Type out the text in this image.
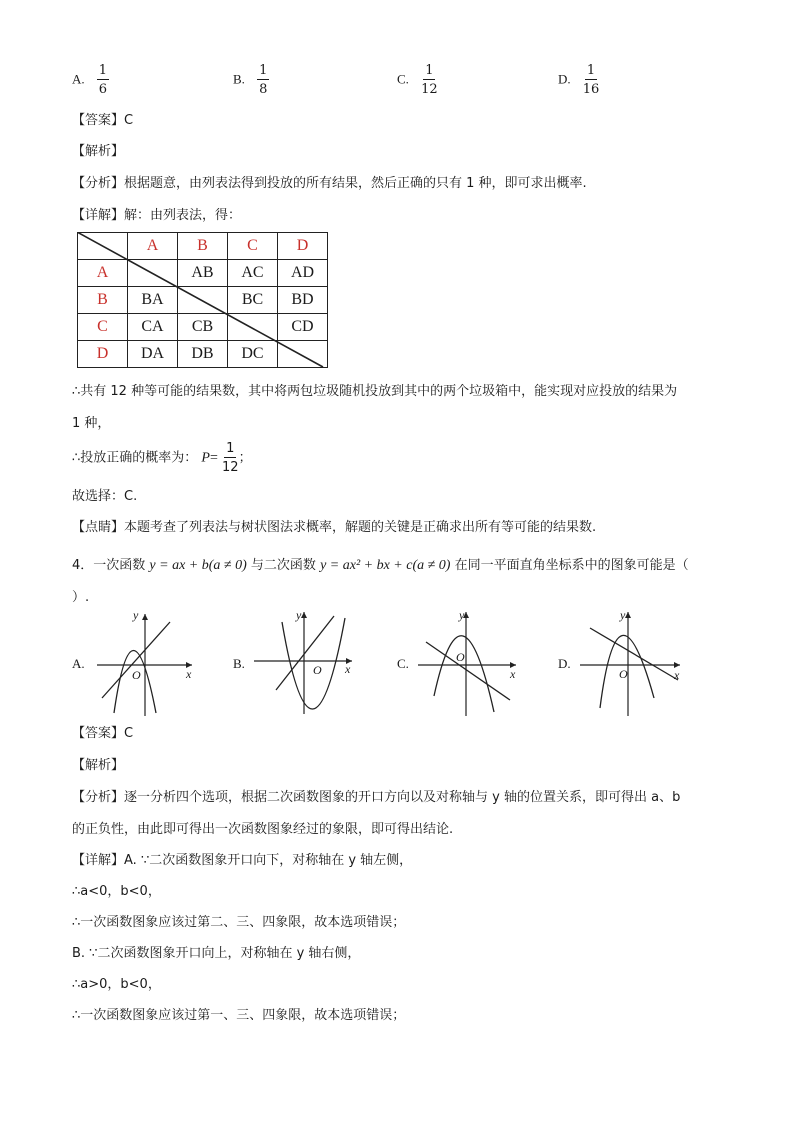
A. $\frac{1}{6}$	B. $\frac{1}{8}$	C. $\frac{1}{12}$	D. $\frac{1}{16}$
【答案】C
【解析】
【分析】根据题意，由列表法得到投放的所有结果，然后正确的只有 1 种，即可求出概率.
【详解】解：由列表法，得：
	A	B	C	D
A		AB	AC	AD
B	BA		BC	BD
C	CA	CB		CD
D	DA	DB	DC	
∴共有 12 种等可能的结果数，其中将两包垃圾随机投放到其中的两个垃圾箱中，能实现对应投放的结果为
1 种，
∴投放正确的概率为： $P= \frac{1}{12}$ ；
故选择：C.
【点睛】本题考查了列表法与树状图法求概率，解题的关键是正确求出所有等可能的结果数.
4．一次函数 y = ax + b(a ≠ 0) 与二次函数 y = ax² + bx + c(a ≠ 0) 在同一平面直角坐标系中的图象可能是（
）.
A.
y
x
O
B.
y
x
O	C.
y
x
O	D.
y
x
O
【答案】C
【解析】
【分析】逐一分析四个选项，根据二次函数图象的开口方向以及对称轴与 y 轴的位置关系，即可得出 a、b
的正负性，由此即可得出一次函数图象经过的象限，即可得出结论.
【详解】A. ∵二次函数图象开口向下，对称轴在 y 轴左侧，
∴a<0，b<0，
∴一次函数图象应该过第二、三、四象限，故本选项错误；
B. ∵二次函数图象开口向上，对称轴在 y 轴右侧，
∴a>0，b<0，
∴一次函数图象应该过第一、三、四象限，故本选项错误；
